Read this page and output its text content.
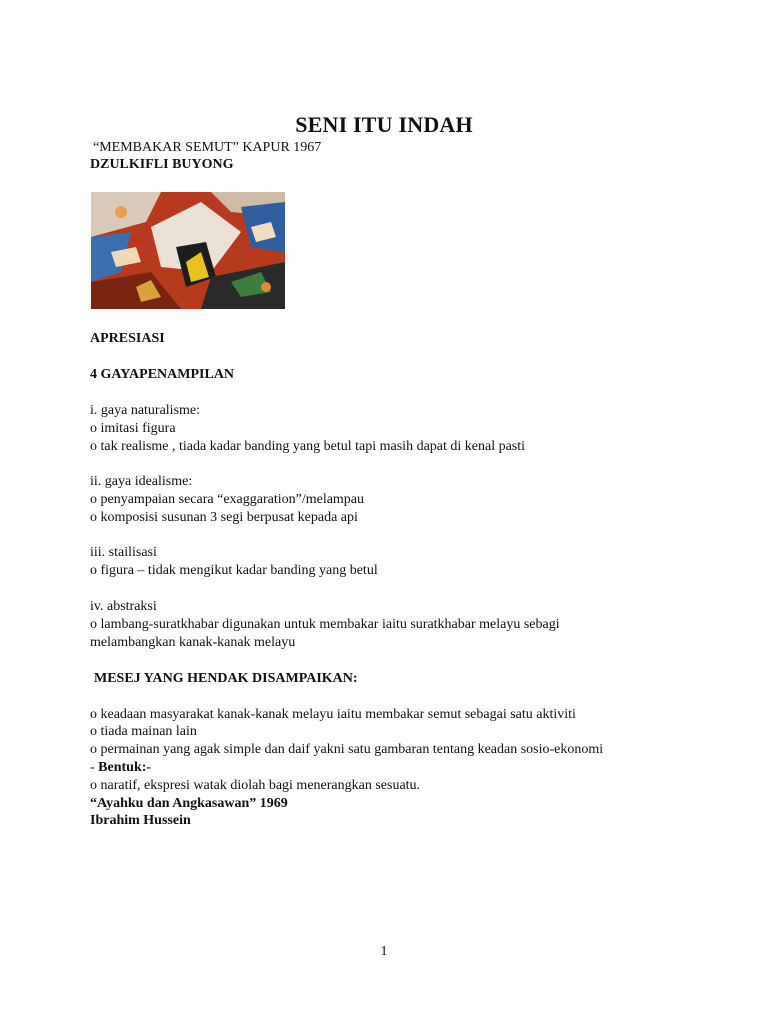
SENI ITU INDAH
“MEMBAKAR SEMUT” KAPUR 1967
DZULKIFLI BUYONG
APRESIASI
4 GAYAPENAMPILAN
i. gaya naturalisme:
o imitasi figura
o tak realisme , tiada kadar banding yang betul tapi masih dapat di kenal pasti
ii. gaya idealisme:
o penyampaian secara “exaggaration”/melampau
o komposisi susunan 3 segi berpusat kepada api
iii. stailisasi
o figura – tidak mengikut kadar banding yang betul
iv. abstraksi
o lambang-suratkhabar digunakan untuk membakar iaitu suratkhabar melayu sebagi
melambangkan kanak-kanak melayu
MESEJ YANG HENDAK DISAMPAIKAN:
o keadaan masyarakat kanak-kanak melayu iaitu membakar semut sebagai satu aktiviti
o tiada mainan lain
o permainan yang agak simple dan daif yakni satu gambaran tentang keadan sosio-ekonomi
- Bentuk:-
o naratif, ekspresi watak diolah bagi menerangkan sesuatu.
“Ayahku dan Angkasawan” 1969
Ibrahim Hussein
1
